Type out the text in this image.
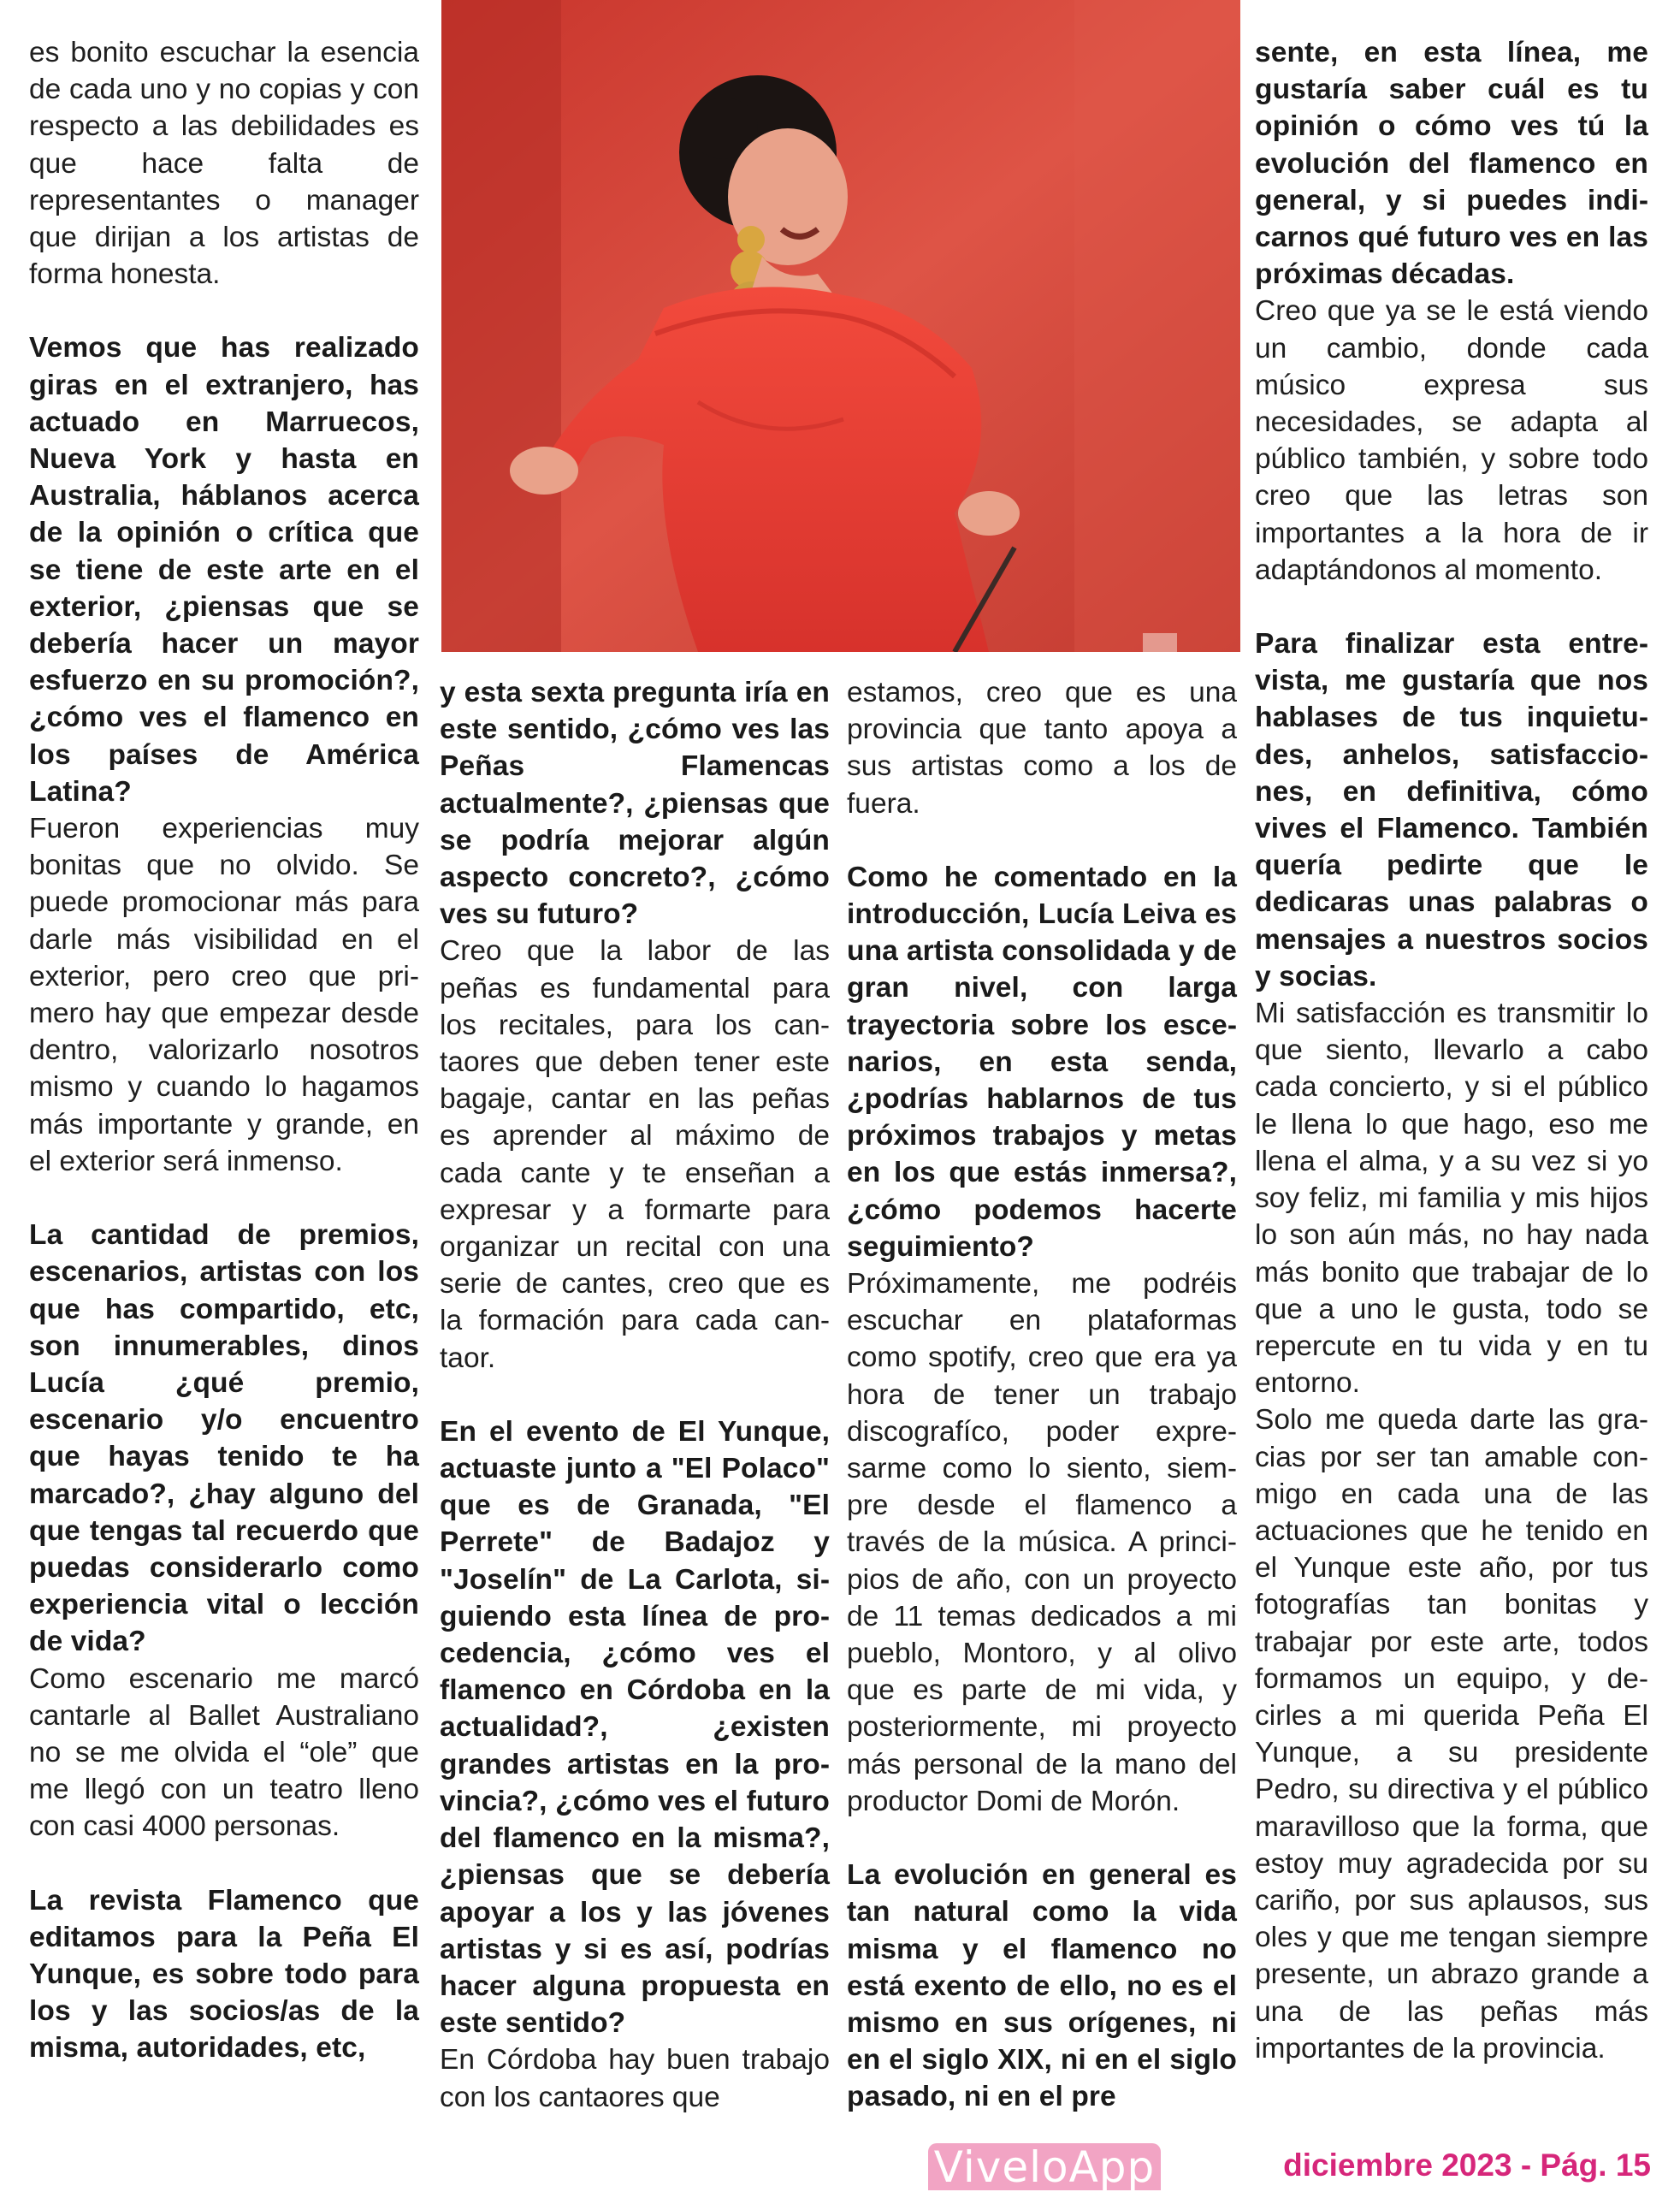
es bonito escuchar la esencia de cada uno y no copias y con respecto a las debilidades es que hace falta de representantes o manager que dirijan a los artistas de forma honesta.

Vemos que has realizado giras en el extranjero, has actuado en Marruecos, Nueva York y hasta en Australia, háblanos acerca de la opinión o crítica que se tiene de este arte en el exterior, ¿piensas que se debería hacer un mayor esfuerzo en su promoción?, ¿cómo ves el flamenco en los países de América Latina?

Fueron experiencias muy bonitas que no olvido. Se puede promocionar más para darle más visibilidad en el exterior, pero creo que primero hay que empezar desde dentro, valorizarlo nosotros mismo y cuando lo hagamos más importante y grande, en el exterior será inmenso.

La cantidad de premios, escenarios, artistas con los que has compartido, etc, son innumerables, dinos Lucía ¿qué premio, escenario y/o encuentro que hayas tenido te ha marcado?, ¿hay alguno del que tengas tal recuerdo que puedas considerarlo como experiencia vital o lección de vida?

Como escenario me marcó cantarle al Ballet Australiano no se me olvida el “ole” que me llegó con un teatro lleno con casi 4000 personas.

La revista Flamenco que editamos para la Peña El Yunque, es sobre todo para los y las socios/as de la misma, autoridades, etc,

y esta sexta pregunta iría en este sentido, ¿cómo ves las Peñas Flamencas actualmente?, ¿piensas que se podría mejorar algún aspecto concreto?, ¿cómo ves su futuro?

Creo que la labor de las peñas es fundamental para los recitales, para los cantaores que deben tener este bagaje, cantar en las peñas es aprender al máximo de cada cante y te enseñan a expresar y a formarte para organizar un recital con una serie de cantes, creo que es la formación para cada cantaor.

En el evento de El Yunque, actuaste junto a "El Polaco" que es de Granada, "El Perrete" de Badajoz y "Joselín" de La Carlota, siguiendo esta línea de procedencia, ¿cómo ves el flamenco en Córdoba en la actualidad?, ¿existen grandes artistas en la provincia?, ¿cómo ves el futuro del flamenco en la misma?, ¿piensas que se debería apoyar a los y las jóvenes artistas y si es así, podrías hacer alguna propuesta en este sentido?

En Córdoba hay buen trabajo con los cantaores que

estamos, creo que es una provincia que tanto apoya a sus artistas como a los de fuera.

Como he comentado en la introducción, Lucía Leiva es una artista consolidada y de gran nivel, con larga trayectoria sobre los escenarios, en esta senda, ¿podrías hablarnos de tus próximos trabajos y metas en los que estás inmersa?, ¿cómo podemos hacerte seguimiento?

Próximamente, me podréis escuchar en plataformas como spotify, creo que era ya hora de tener un trabajo discografíco, poder expresarme como lo siento, siempre desde el flamenco a través de la música. A principios de año, con un proyecto de 11 temas dedicados a mi pueblo, Montoro, y al olivo que es parte de mi vida, y posteriormente, mi proyecto más personal de la mano del productor Domi de Morón.

La evolución en general es tan natural como la vida misma y el flamenco no está exento de ello, no es el mismo en sus orígenes, ni en el siglo XIX, ni en el siglo pasado, ni en el pre

sente, en esta línea, me gustaría saber cuál es tu opinión o cómo ves tú la evolución del flamenco en general, y si puedes indicarnos qué futuro ves en las próximas décadas.

Creo que ya se le está viendo un cambio, donde cada músico expresa sus necesidades, se adapta al público también, y sobre todo creo que las letras son importantes a la hora de ir adaptándonos al momento.

Para finalizar esta entrevista, me gustaría que nos hablases de tus inquietudes, anhelos, satisfacciones, en definitiva, cómo vives el Flamenco. También quería pedirte que le dedicaras unas palabras o mensajes a nuestros socios y socias.

Mi satisfacción es transmitir lo que siento, llevarlo a cabo cada concierto, y si el público le llena lo que hago, eso me llena el alma, y a su vez si yo soy feliz, mi familia y mis hijos lo son aún más, no hay nada más bonito que trabajar de lo que a uno le gusta, todo se repercute en tu vida y en tu entorno.

Solo me queda darte las gracias por ser tan amable conmigo en cada una de las actuaciones que he tenido en el Yunque este año, por tus fotografías tan bonitas y trabajar por este arte, todos formamos un equipo, y decirles a mi querida Peña El Yunque, a su presidente Pedro, su directiva y el público maravilloso que la forma, que estoy muy agradecida por su cariño, por sus aplausos, sus oles y que me tengan siempre presente, un abrazo grande a una de las peñas más importantes de la provincia.

ViveloApp	diciembre 2023 - Pág. 15
